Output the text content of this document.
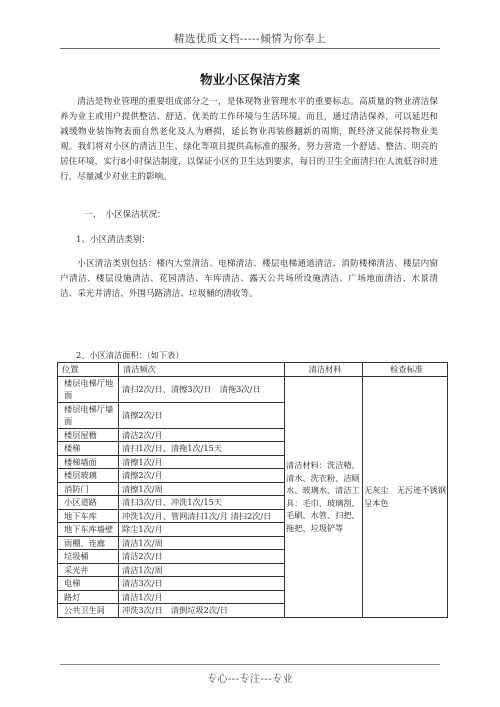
精选优质文档-----倾情为你奉上
物业小区保洁方案
清洁是物业管理的重要组成部分之一，是体现物业管理水平的重要标志。高质量的物业清洁保养为业主或用户提供整洁、舒适、优美的工作环境与生活环境。而且，通过清洁保养，可以延迟和减缓物业装饰物表面自然老化及人为磨损，延长物业再装修翻新的周期，既经济又能保持物业美观。我们将对小区的清洁卫生、绿化等项目提供高标准的服务，努力营造一个舒适、整洁、明亮的居住环境，实行8小时保洁制度，以保证小区的卫生达到要求，每日的卫生全面清扫在人流低谷时进行，尽量减少对业主的影响。
一、　小区保洁状况：
1、小区清洁类别：
小区清洁类别包括：楼内大堂清洁、电梯清洁、楼层电梯通道清洁、消防楼梯清洁、楼层内窗户清洁、楼层设施清洁、花园清洁、车库清洁、露天公共场所设施清洁、广场地面清洁、水景清洁、采光井清洁、外围马路清洁、垃圾桶的清收等。
2、小区清洁面积：（如下表）
位置	清洁频次	清洁材料	检查标准
楼层电梯厅地面	清扫2次/日、清擦3次/日　清拖3次/日	清洁材料：洗洁精、清水、洗衣粉、洁厕水、玻璃水、清洁工具：毛巾、玻璃刮、毛刷、水管、扫把、拖把、垃圾铲等	无灰尘　无污迹不锈钢呈本色
楼层电梯厅墙面	清擦2次/日		
楼层屋檐	清洁2次/月		
楼梯	清扫1次/日、清拖1次/15天		
楼梯墙面	清擦1次/月		
楼层玻璃	清擦2次/月		
消防门	清擦1次/周		
小区道路	清扫3次/日、冲洗1次/15天		
地下车库	冲洗1次/月、管网清扫1次/月 清扫2次/日		
地下车库墙壁	除尘1次/月		
雨棚、连廊	清洁1次/周		
垃圾桶	清洁2次/日		
采光井	清洁1次/周		
电梯	清洁3次/日		
路灯	清洁1次/月		
公共卫生间	冲洗3次/日　清倒垃圾2次/日		
专心---专注---专业
